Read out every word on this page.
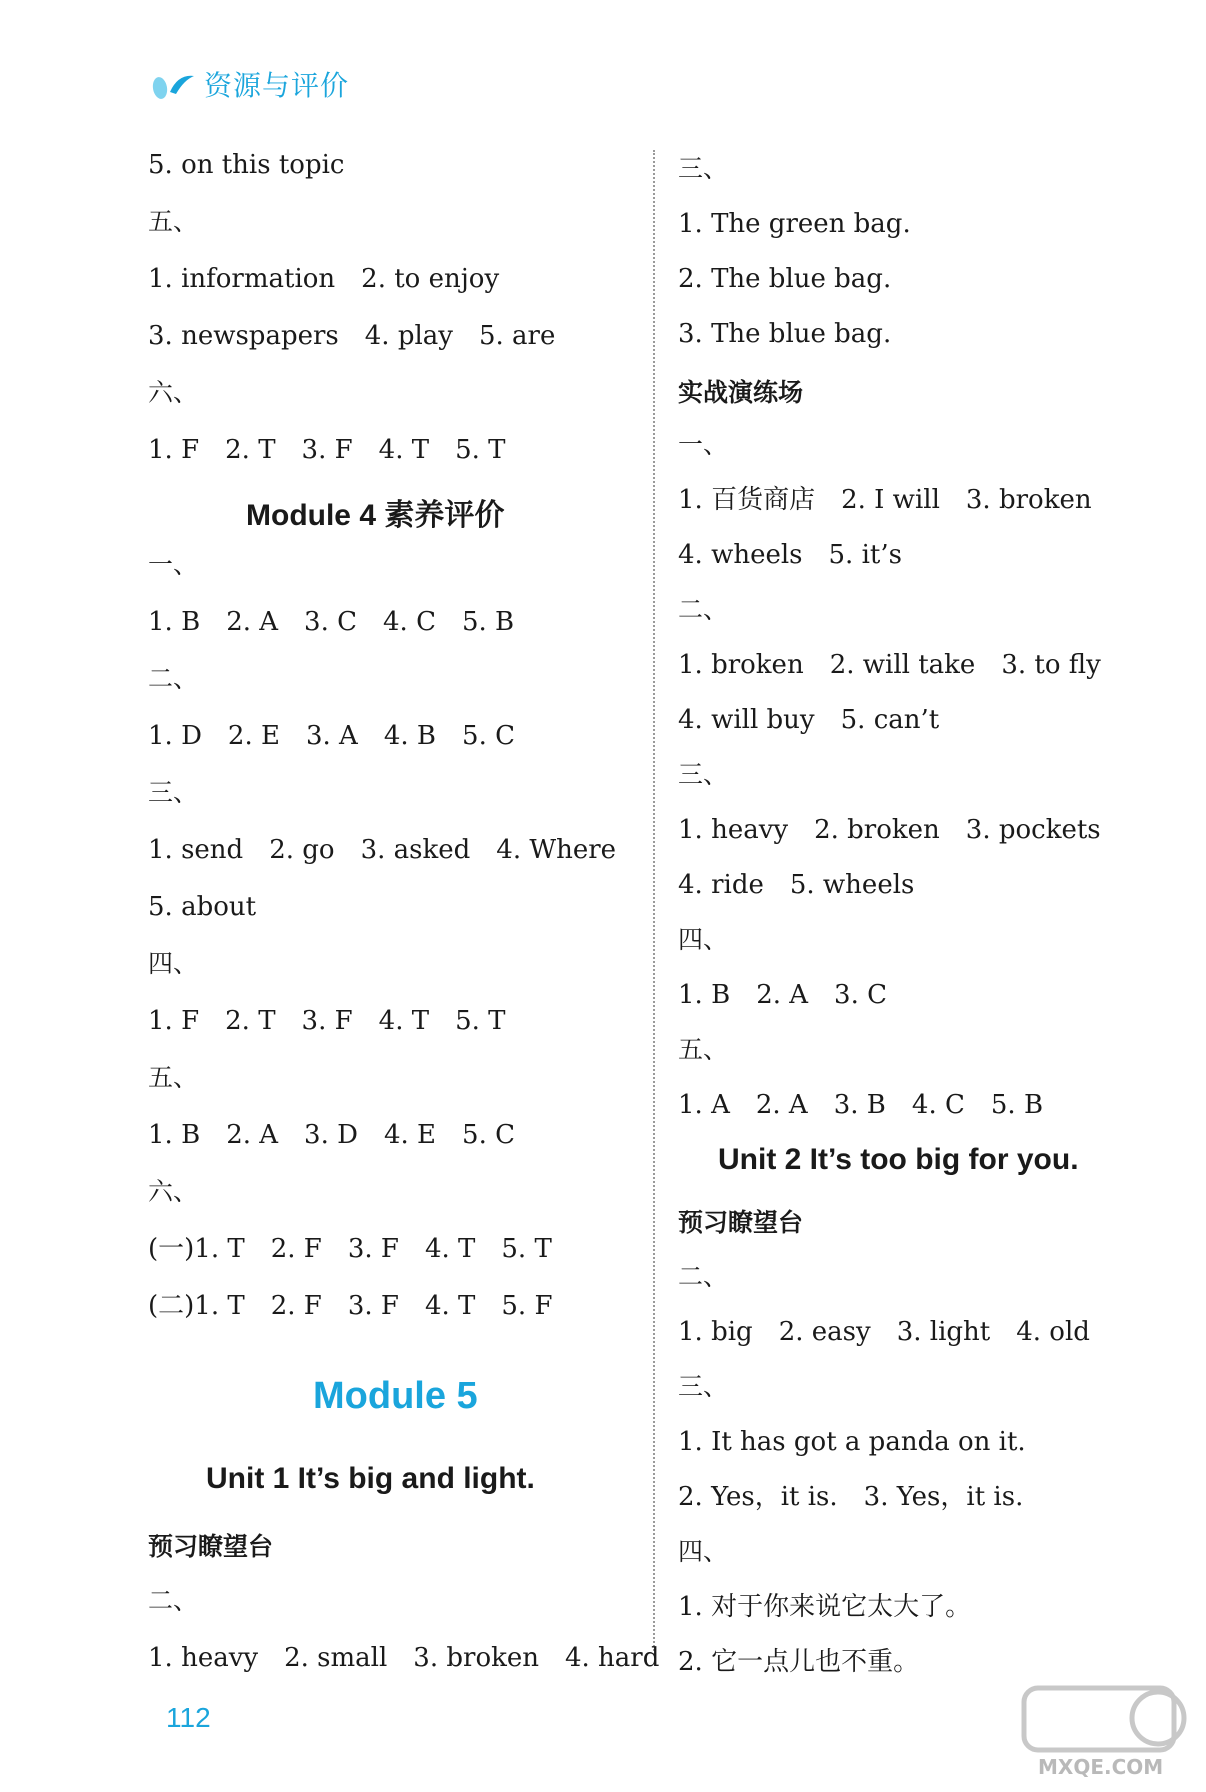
资源与评价
5. on this topic
五、
1. information 2. to enjoy
3. newspapers 4. play 5. are
六、
1. F 2. T 3. F 4. T 5. T
Module 4 素养评价
一、
1. B 2. A 3. C 4. C 5. B
二、
1. D 2. E 3. A 4. B 5. C
三、
1. send 2. go 3. asked 4. Where
5. about
四、
1. F 2. T 3. F 4. T 5. T
五、
1. B 2. A 3. D 4. E 5. C
六、
(一)1. T 2. F 3. F 4. T 5. T
(二)1. T 2. F 3. F 4. T 5. F
Module 5
Unit 1 It’s big and light.
预习瞭望台
二、
1. heavy 2. small 3. broken 4. hard
三、
1. The green bag.
2. The blue bag.
3. The blue bag.
实战演练场
一、
1. 百货商店 2. I will 3. broken
4. wheels 5. it’s
二、
1. broken 2. will take 3. to fly
4. will buy 5. can’t
三、
1. heavy 2. broken 3. pockets
4. ride 5. wheels
四、
1. B 2. A 3. C
五、
1. A 2. A 3. B 4. C 5. B
Unit 2 It’s too big for you.
预习瞭望台
二、
1. big 2. easy 3. light 4. old
三、
1. It has got a panda on it.
2. Yes，it is. 3. Yes，it is.
四、
1. 对于你来说它太大了。
2. 它一点儿也不重。
112
MXQE.COM
